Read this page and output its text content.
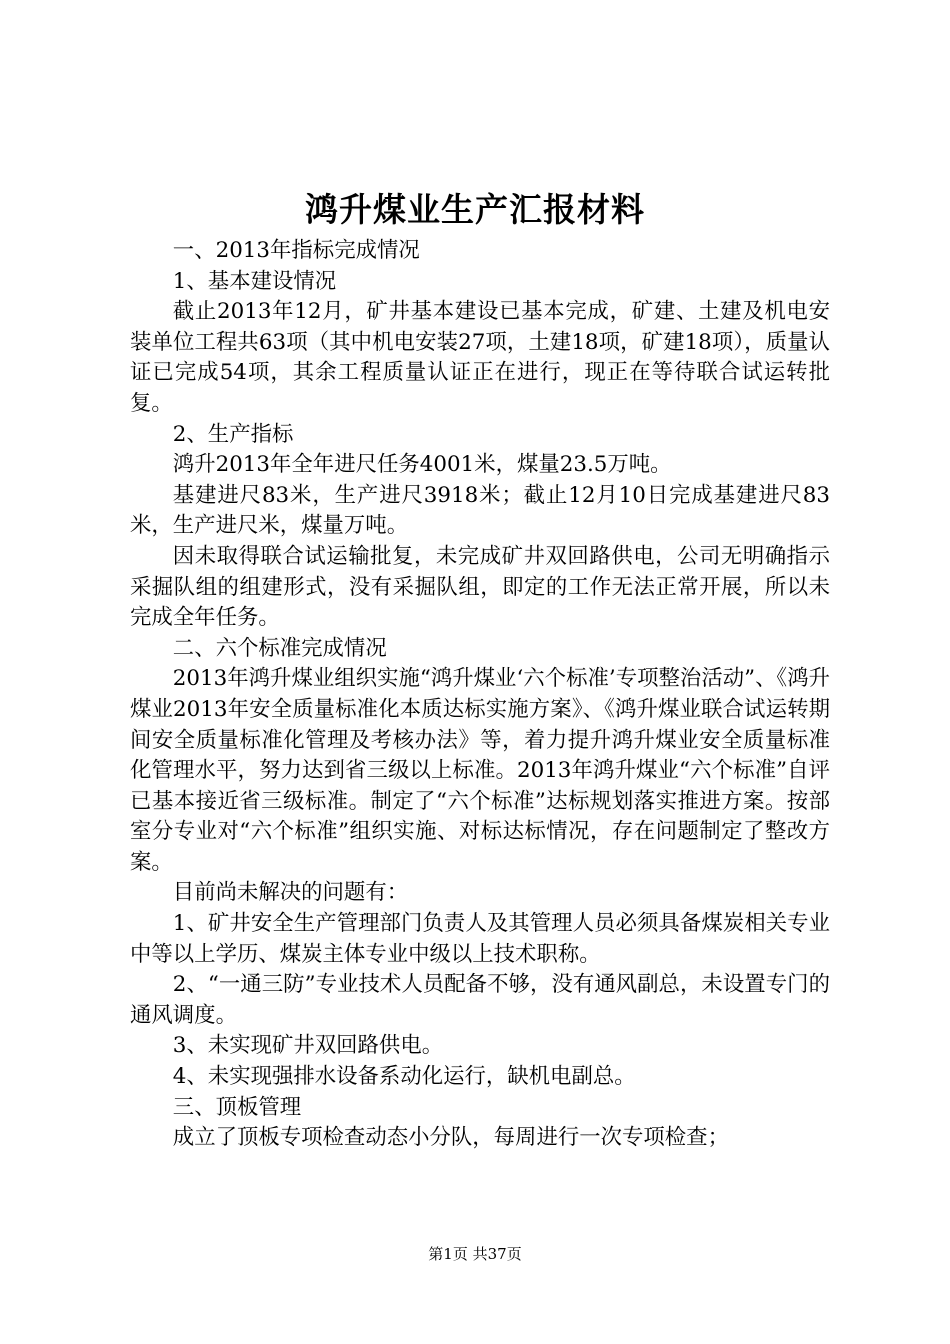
鸿升煤业生产汇报材料

一、2013年指标完成情况

1、基本建设情况

截止2013年12月，矿井基本建设已基本完成，矿建、土建及机电安装单位工程共63项（其中机电安装27项，土建18项，矿建18项），质量认证已完成54项，其余工程质量认证正在进行，现正在等待联合试运转批复。

2、生产指标

鸿升2013年全年进尺任务4001米，煤量23.5万吨。

基建进尺83米，生产进尺3918米；截止12月10日完成基建进尺83米，生产进尺米，煤量万吨。

因未取得联合试运输批复，未完成矿井双回路供电，公司无明确指示采掘队组的组建形式，没有采掘队组，即定的工作无法正常开展，所以未完成全年任务。

二、六个标准完成情况

2013年鸿升煤业组织实施“鸿升煤业‘六个标准’专项整治活动”、《鸿升煤业2013年安全质量标准化本质达标实施方案》、《鸿升煤业联合试运转期间安全质量标准化管理及考核办法》等，着力提升鸿升煤业安全质量标准化管理水平，努力达到省三级以上标准。2013年鸿升煤业“六个标准”自评已基本接近省三级标准。制定了“六个标准”达标规划落实推进方案。按部室分专业对“六个标准”组织实施、对标达标情况，存在问题制定了整改方案。

目前尚未解决的问题有：

1、矿井安全生产管理部门负责人及其管理人员必须具备煤炭相关专业中等以上学历、煤炭主体专业中级以上技术职称。

2、“一通三防”专业技术人员配备不够，没有通风副总，未设置专门的通风调度。

3、未实现矿井双回路供电。

4、未实现强排水设备系动化运行，缺机电副总。

三、顶板管理

成立了顶板专项检查动态小分队，每周进行一次专项检查；

第1页 共37页
